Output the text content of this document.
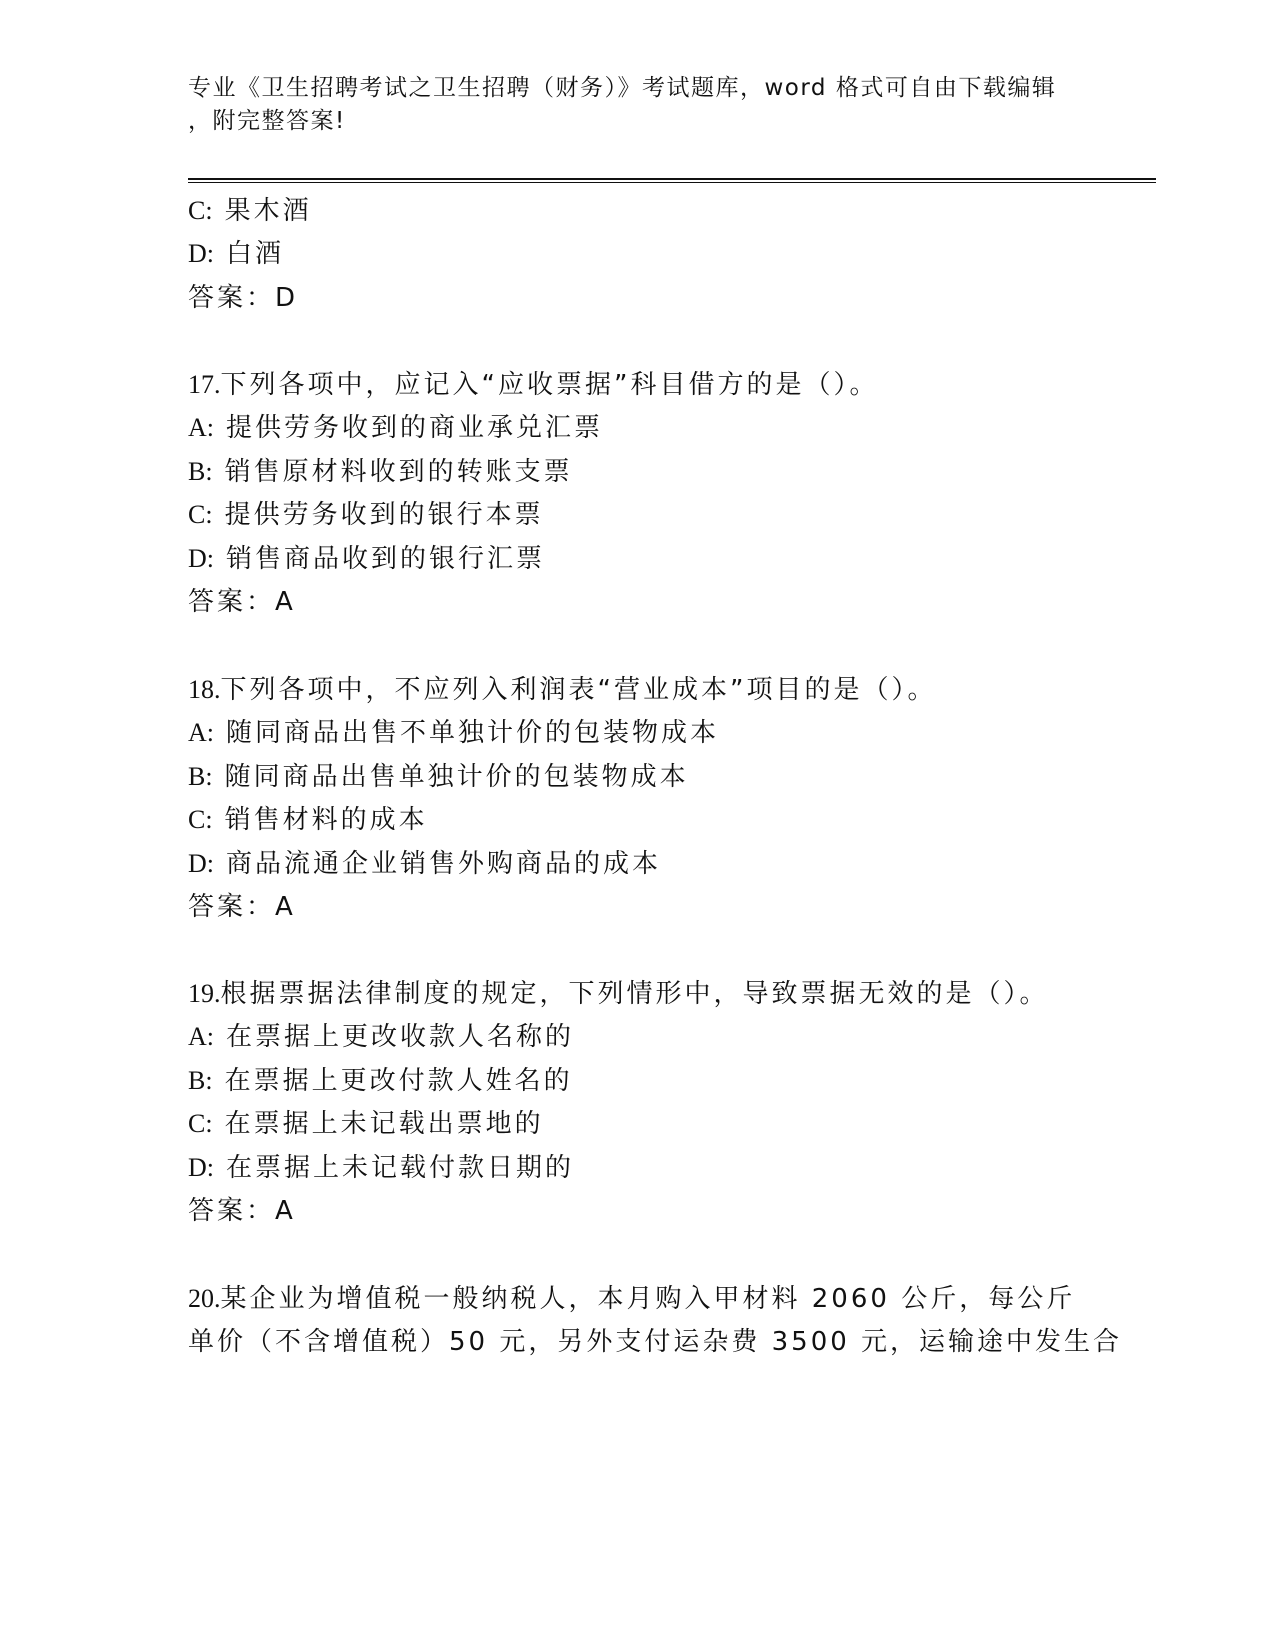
专业《卫生招聘考试之卫生招聘（财务）》考试题库，word 格式可自由下载编辑
，附完整答案!
C: 果木酒
D: 白酒
答案：D
17.下列各项中，应记入“应收票据”科目借方的是（）。
A: 提供劳务收到的商业承兑汇票
B: 销售原材料收到的转账支票
C: 提供劳务收到的银行本票
D: 销售商品收到的银行汇票
答案：A
18.下列各项中，不应列入利润表“营业成本”项目的是（）。
A: 随同商品出售不单独计价的包装物成本
B: 随同商品出售单独计价的包装物成本
C: 销售材料的成本
D: 商品流通企业销售外购商品的成本
答案：A
19.根据票据法律制度的规定，下列情形中，导致票据无效的是（）。
A: 在票据上更改收款人名称的
B: 在票据上更改付款人姓名的
C: 在票据上未记载出票地的
D: 在票据上未记载付款日期的
答案：A
20.某企业为增值税一般纳税人，本月购入甲材料 2060 公斤，每公斤
单价（不含增值税）50 元，另外支付运杂费 3500 元，运输途中发生合
